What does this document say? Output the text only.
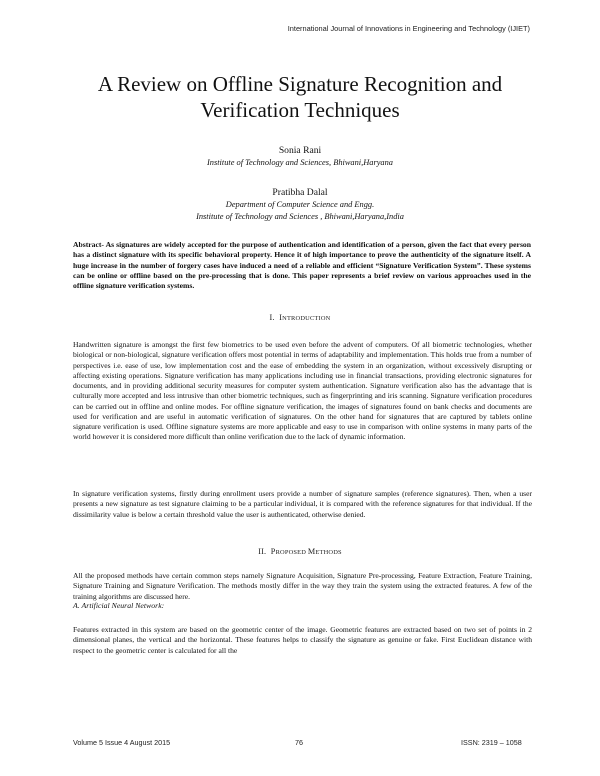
International Journal of Innovations in Engineering and Technology (IJIET)
A Review on Offline Signature Recognition and
Verification Techniques
Sonia Rani
Institute of Technology and Sciences, Bhiwani,Haryana
Pratibha Dalal
Department of Computer Science and Engg.
Institute of Technology and Sciences , Bhiwani,Haryana,India

Abstract- As signatures are widely accepted for the purpose of authentication and identification of a person, given the fact that every person has a distinct signature with its specific behavioral property. Hence it of high importance to prove the authenticity of the signature itself. A huge increase in the number of forgery cases have induced a need of a reliable and efficient “Signature Verification System”. These systems can be online or offline based on the pre-processing that is done. This paper represents a brief review on various approaches used in the offline signature verification systems.

I. INTRODUCTION

Handwritten signature is amongst the first few biometrics to be used even before the advent of computers. Of all biometric technologies, whether biological or non-biological, signature verification offers most potential in terms of adaptability and implementation. This holds true from a number of perspectives i.e. ease of use, low implementation cost and the ease of embedding the system in an organization, without excessively disrupting or affecting existing operations. Signature verification has many applications including use in financial transactions, providing electronic signatures for documents, and in providing additional security measures for computer system authentication. Signature verification also has the advantage that is culturally more accepted and less intrusive than other biometric techniques, such as fingerprinting and iris scanning. Signature verification procedures can be carried out in offline and online modes. For offline signature verification, the images of signatures found on bank checks and documents are used for verification and are useful in automatic verification of signatures. On the other hand for signatures that are captured by tablets online signature verification is used. Offline signature systems are more applicable and easy to use in comparison with online systems in many parts of the world however it is considered more difficult than online verification due to the lack of dynamic information.

In signature verification systems, firstly during enrollment users provide a number of signature samples (reference signatures). Then, when a user presents a new signature as test signature claiming to be a particular individual, it is compared with the reference signatures for that individual. If the dissimilarity value is below a certain threshold value the user is authenticated, otherwise denied.

II. PROPOSED METHODS

All the proposed methods have certain common steps namely Signature Acquisition, Signature Pre-processing, Feature Extraction, Feature Training, Signature Training and Signature Verification. The methods mostly differ in the way they train the system using the extracted features. A few of the training algorithms are discussed here.

A. Artificial Neural Network:

Features extracted in this system are based on the geometric center of the image. Geometric features are extracted based on two set of points in 2 dimensional planes, the vertical and the horizontal. These features helps to classify the signature as genuine or fake. First Euclidean distance with respect to the geometric center is calculated for all the

Volume 5 Issue 4 August 2015	76	ISSN: 2319 – 1058
